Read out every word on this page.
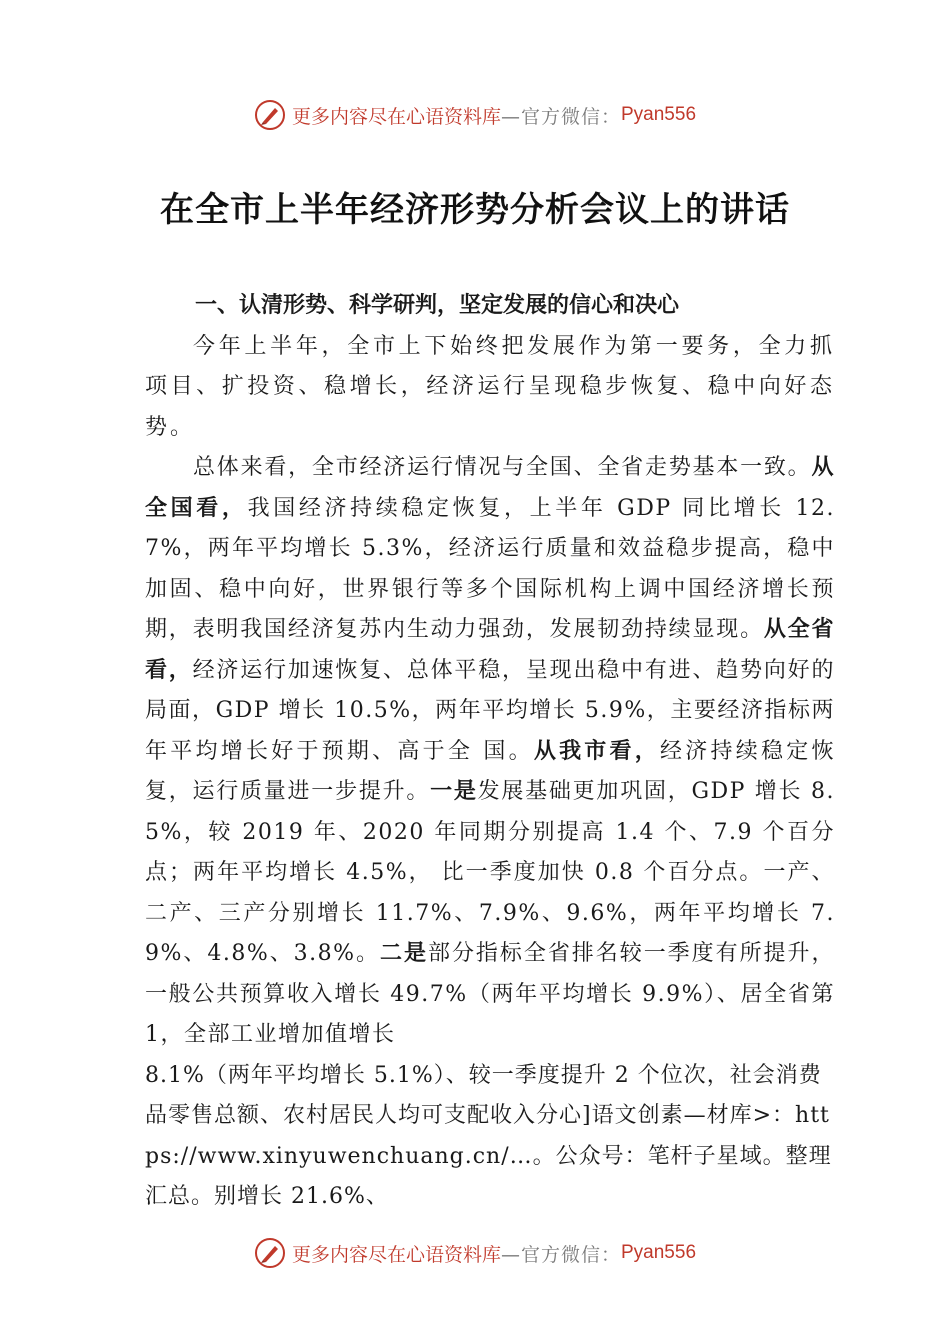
更多内容尽在心语资料库 —官方微信： Pyan556
在全市上半年经济形势分析会议上的讲话

一、认清形势、科学研判，坚定发展的信心和决心

今年上半年，全市上下始终把发展作为第一要务，全力抓项目、扩投资、稳增长，经济运行呈现稳步恢复、稳中向好态势。

总体来看，全市经济运行情况与全国、全省走势基本一致。从全国看，我国经济持续稳定恢复，上半年 GDP 同比增长 12.7%，两年平均增长 5.3%，经济运行质量和效益稳步提高，稳中加固、稳中向好，世界银行等多个国际机构上调中国经济增长预期，表明我国经济复苏内生动力强劲，发展韧劲持续显现。从全省看，经济运行加速恢复、总体平稳，呈现出稳中有进、趋势向好的局面，GDP 增长 10.5%，两年平均增长 5.9%，主要经济指标两年平均增长好于预期、高于全 国。从我市看，经济持续稳定恢复，运行质量进一步提升。一是发展基础更加巩固，GDP 增长 8.5%，较 2019 年、2020 年同期分别提高 1.4 个、7.9 个百分点；两年平均增长 4.5%， 比一季度加快 0.8 个百分点。一产、二产、三产分别增长 11.7%、7.9%、9.6%，两年平均增长 7.9%、4.8%、3.8%。二是部分指标全省排名较一季度有所提升，一般公共预算收入增长 49.7%（两年平均增长 9.9%）、居全省第 1，全部工业增加值增长

8.1%（两年平均增长 5.1%）、较一季度提升 2 个位次，社会消费品零售总额、农村居民人均可支配收入分心]语文创素—材库>：https://www.xinyuwenchuang.cn/…。公众号：笔杆子星域。整理汇总。别增长 21.6%、

更多内容尽在心语资料库 —官方微信： Pyan556
